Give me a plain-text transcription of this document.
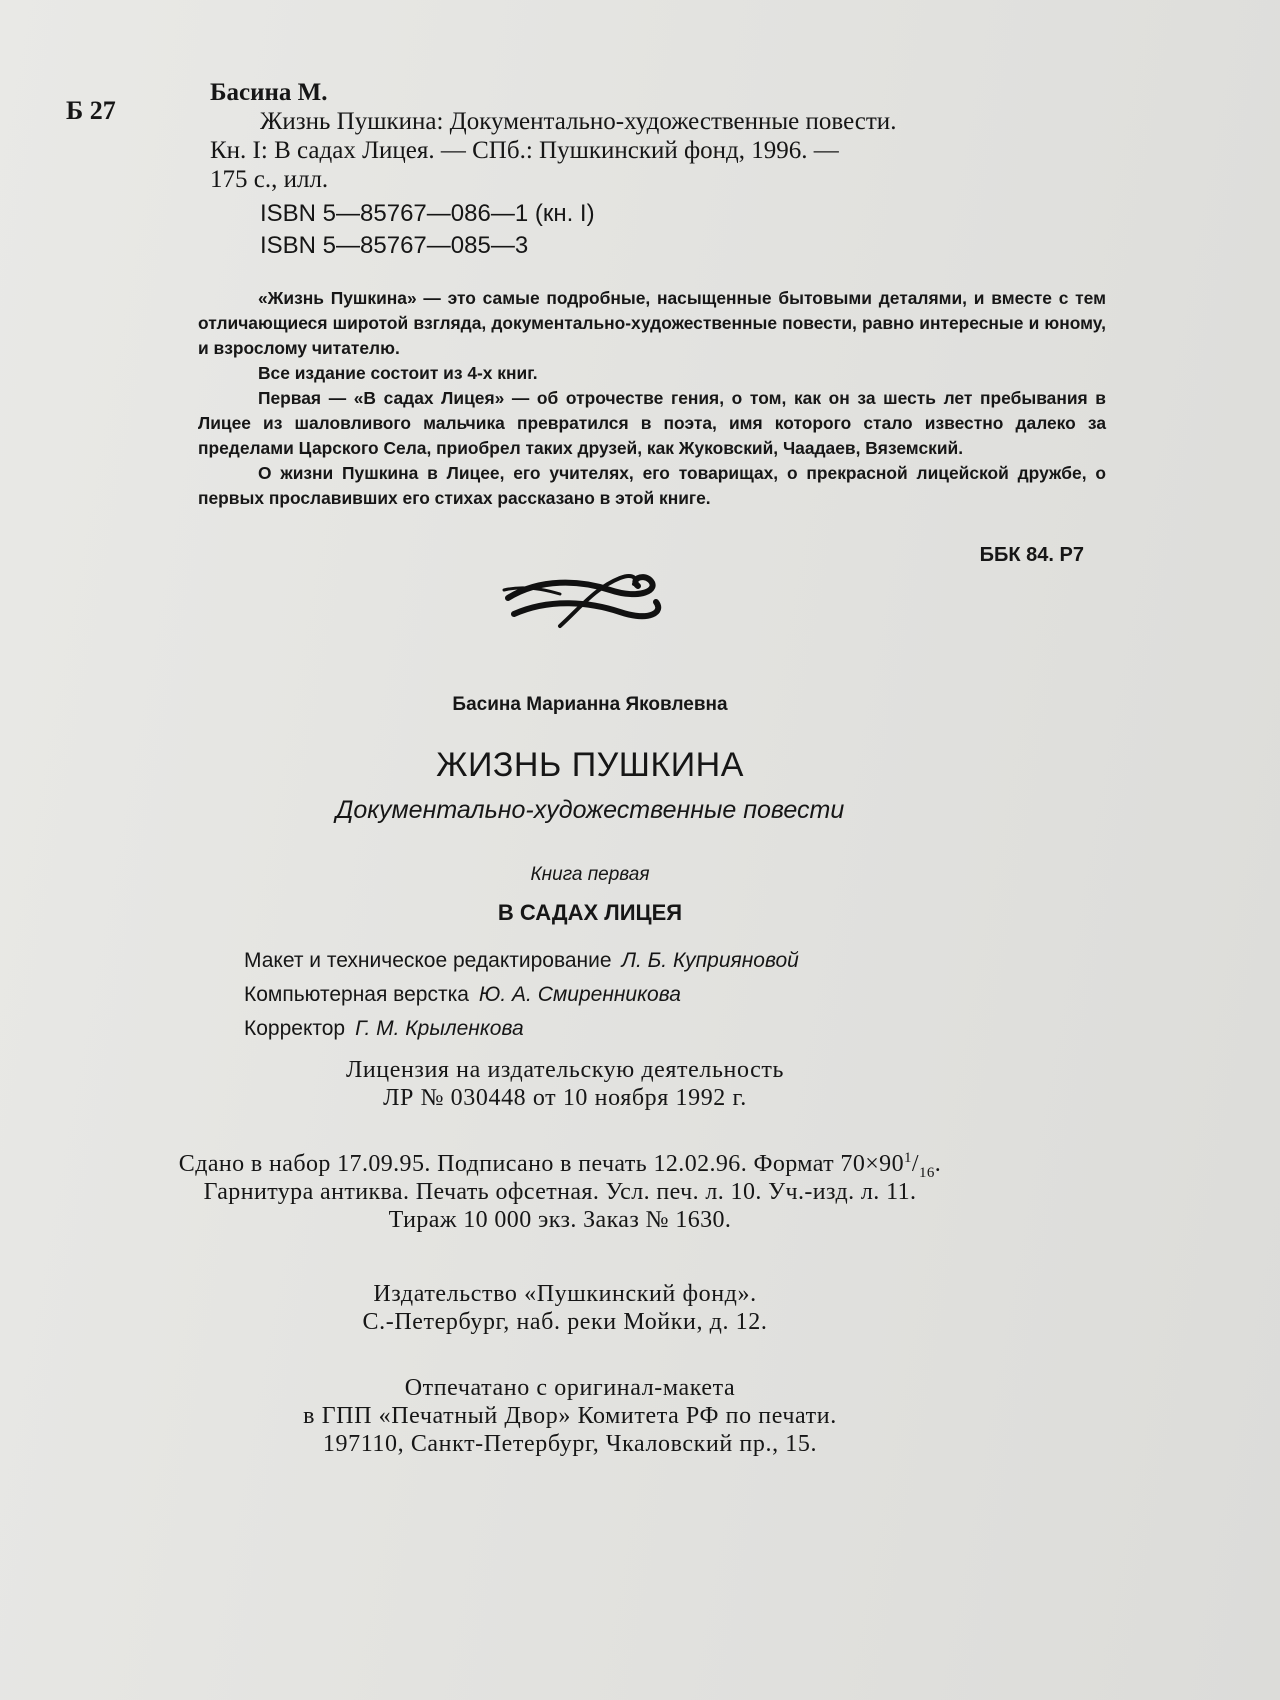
Б 27
Басина М.
Жизнь Пушкина: Документально-художественные повести.
Кн. I: В садах Лицея. — СПб.: Пушкинский фонд, 1996. —
175 с., илл.
ISBN 5—85767—086—1 (кн. I)
ISBN 5—85767—085—3

«Жизнь Пушкина» — это самые подробные, насыщенные бытовыми деталями, и вместе с тем отличающиеся широтой взгляда, документально-художественные повести, равно интересные и юному, и взрослому читателю.

Все издание состоит из 4-х книг.

Первая — «В садах Лицея» — об отрочестве гения, о том, как он за шесть лет пребывания в Лицее из шаловливого мальчика превратился в поэта, имя которого стало известно далеко за пределами Царского Села, приобрел таких друзей, как Жуковский, Чаадаев, Вяземский.

О жизни Пушкина в Лицее, его учителях, его товарищах, о прекрасной лицейской дружбе, о первых прославивших его стихах рассказано в этой книге.

ББК 84. Р7
Басина Марианна Яковлевна
ЖИЗНЬ ПУШКИНА
Документально-художественные повести
Книга первая
В САДАХ ЛИЦЕЯ
Макет и техническое редактирование Л. Б. Куприяновой
Компьютерная верстка Ю. А. Смиренникова
Корректор Г. М. Крыленкова
Лицензия на издательскую деятельность
ЛР № 030448 от 10 ноября 1992 г.
Сдано в набор 17.09.95. Подписано в печать 12.02.96. Формат $70\times 90^1/_{16}$.
Гарнитура антиква. Печать офсетная. Усл. печ. л. 10. Уч.-изд. л. 11.
Тираж 10 000 экз. Заказ № 1630.
Издательство «Пушкинский фонд».
С.-Петербург, наб. реки Мойки, д. 12.
Отпечатано с оригинал-макета
в ГПП «Печатный Двор» Комитета РФ по печати.
197110, Санкт-Петербург, Чкаловский пр., 15.
